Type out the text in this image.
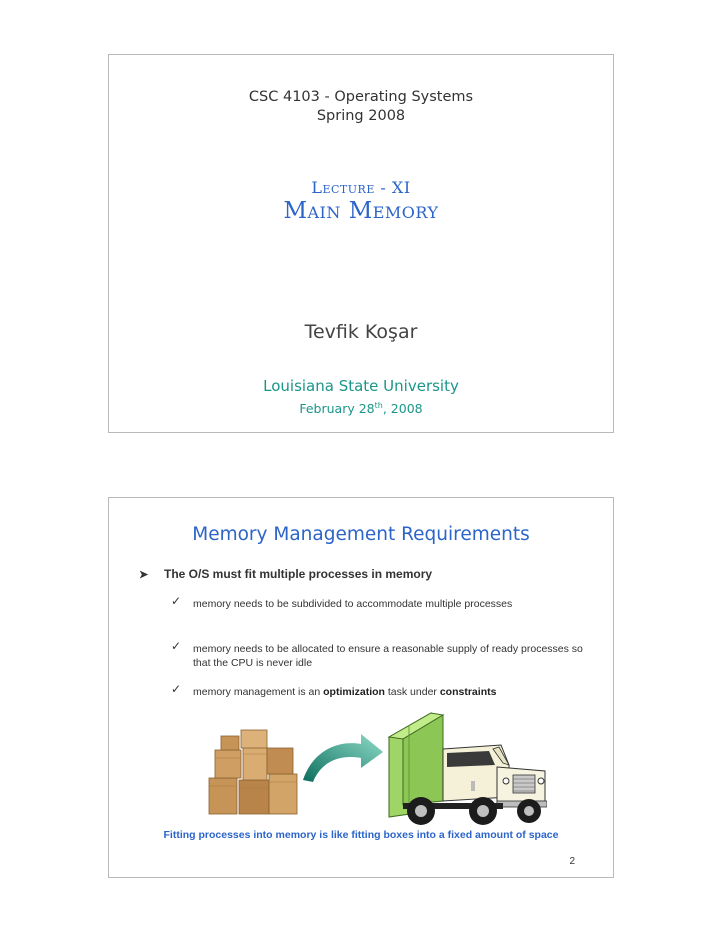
CSC 4103 - Operating Systems
Spring 2008
Lecture - XI
Main Memory
Tevfik Koşar
Louisiana State University
February 28th, 2008
Memory Management Requirements
➤ The O/S must fit multiple processes in memory
✓	memory needs to be subdivided to accommodate multiple processes
✓	memory needs to be allocated to ensure a reasonable supply of ready processes so that the CPU is never idle
✓	memory management is an optimization task under constraints
Fitting processes into memory is like fitting boxes into a fixed amount of space
2
